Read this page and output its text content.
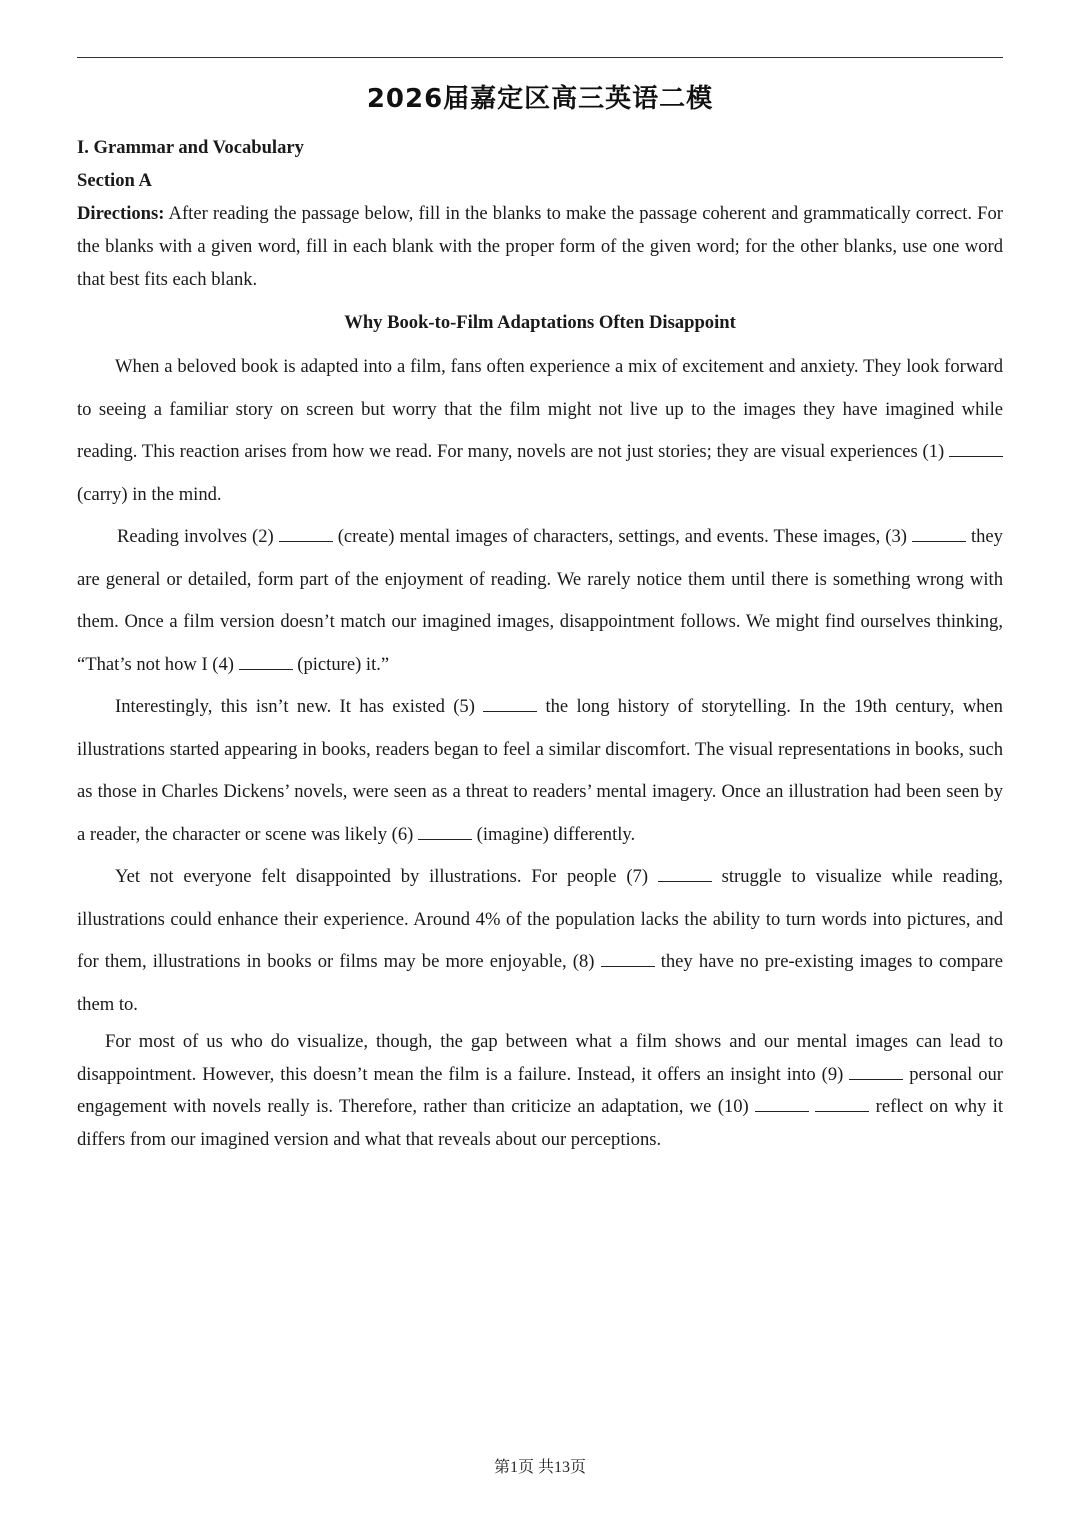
2026届嘉定区高三英语二模

I. Grammar and Vocabulary

Section A

Directions: After reading the passage below, fill in the blanks to make the passage coherent and grammatically correct. For the blanks with a given word, fill in each blank with the proper form of the given word; for the other blanks, use one word that best fits each blank.

Why Book-to-Film Adaptations Often Disappoint

When a beloved book is adapted into a film, fans often experience a mix of excitement and anxiety. They look forward to seeing a familiar story on screen but worry that the film might not live up to the images they have imagined while reading. This reaction arises from how we read. For many, novels are not just stories; they are visual experiences (1)  (carry) in the mind.

Reading involves (2)	(create) mental images of characters, settings, and events. These images, (3)	they are general or detailed, form part of the enjoyment of reading. We rarely notice them until there is something wrong with them. Once a film version doesn’t match our imagined images, disappointment follows. We might find ourselves thinking, “That’s not how I (4)	(picture) it.”

Interestingly, this isn’t new. It has existed (5)	the long history of storytelling. In the 19th century, when illustrations started appearing in books, readers began to feel a similar discomfort. The visual representations in books, such as those in Charles Dickens’ novels, were seen as a threat to readers’ mental imagery. Once an illustration had been seen by a reader, the character or scene was likely (6)	(imagine) differently.

Yet not everyone felt disappointed by illustrations. For people (7)	struggle to visualize while reading, illustrations could enhance their experience. Around 4% of the population lacks the ability to turn words into pictures, and for them, illustrations in books or films may be more enjoyable, (8)	they have no pre-existing images to compare them to.

For most of us who do visualize, though, the gap between what a film shows and our mental images can lead to disappointment. However, this doesn’t mean the film is a failure. Instead, it offers an insight into (9)	personal our engagement with novels really is. Therefore, rather than criticize an adaptation, we (10)	reflect on why it differs from our imagined version and what that reveals about our perceptions.

第1页 共13页
